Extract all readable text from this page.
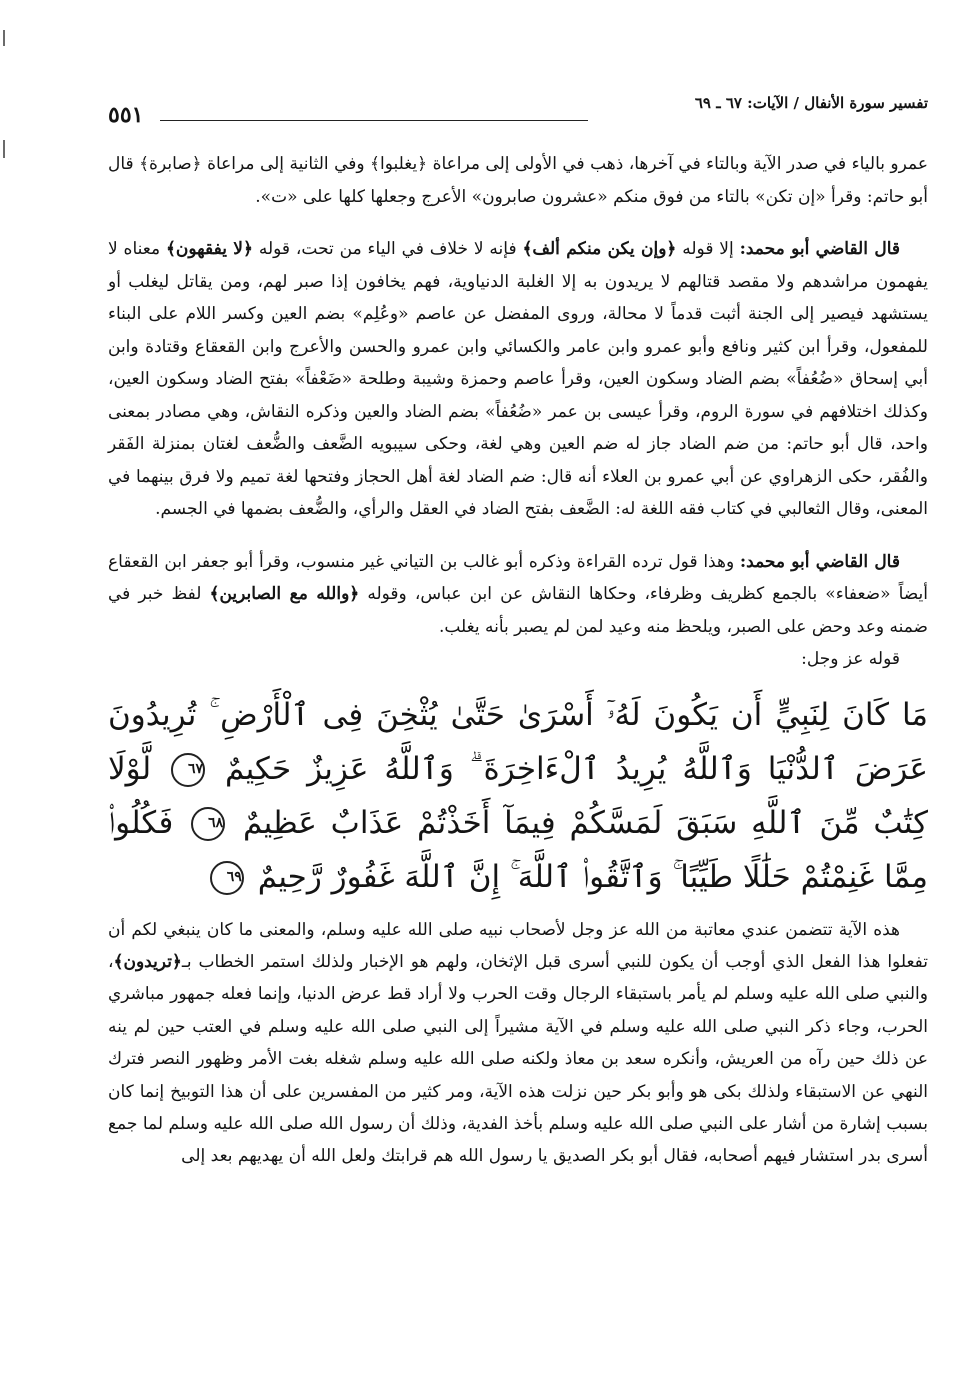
تفسير سورة الأنفال / الآيات: ٦٧ ـ ٦٩
٥٥١

عمرو بالياء في صدر الآية وبالتاء في آخرها، ذهب في الأولى إلى مراعاة ﴿يغلبوا﴾ وفي الثانية إلى مراعاة ﴿صابرة﴾ قال أبو حاتم: وقرأ «إن تكن» بالتاء من فوق منكم «عشرون صابرون» الأعرج وجعلها كلها على «ت».

قال القاضي أبو محمد: إلا قوله ﴿وإن يكن منكم ألف﴾ فإنه لا خلاف في الياء من تحت، قوله ﴿لا يفقهون﴾ معناه لا يفهمون مراشدهم ولا مقصد قتالهم لا يريدون به إلا الغلبة الدنياوية، فهم يخافون إذا صبر لهم، ومن يقاتل ليغلب أو يستشهد فيصير إلى الجنة أثبت قدماً لا محالة، وروى المفضل عن عاصم «وعُلِم» بضم العين وكسر اللام على البناء للمفعول، وقرأ ابن كثير ونافع وأبو عمرو وابن عامر والكسائي وابن عمرو والحسن والأعرج وابن القعقاع وقتادة وابن أبي إسحاق «ضُعُفاً» بضم الضاد وسكون العين، وقرأ عاصم وحمزة وشيبة وطلحة «ضَعْفاً» بفتح الضاد وسكون العين، وكذلك اختلافهم في سورة الروم، وقرأ عيسى بن عمر «ضُعُفاً» بضم الضاد والعين وذكره النقاش، وهي مصادر بمعنى واحد، قال أبو حاتم: من ضم الضاد جاز له ضم العين وهي لغة، وحكى سيبويه الضَّعف والضُّعف لغتان بمنزلة الفَقر والفُقر، حكى الزهراوي عن أبي عمرو بن العلاء أنه قال: ضم الضاد لغة أهل الحجاز وفتحها لغة تميم ولا فرق بينهما في المعنى، وقال الثعالبي في كتاب فقه اللغة له: الضَّعف بفتح الضاد في العقل والرأي، والضُّعف بضمها في الجسم.

قال القاضي أبو محمد: وهذا قول ترده القراءة وذكره أبو غالب بن التياني غير منسوب، وقرأ أبو جعفر ابن القعقاع أيضاً «ضعفاء» بالجمع كظريف وظرفاء، وحكاها النقاش عن ابن عباس، وقوله ﴿والله مع الصابرين﴾ لفظ خبر في ضمنه وعد وحض على الصبر، ويلحظ منه وعيد لمن لم يصبر بأنه يغلب.

قوله عز وجل:

مَا كَانَ لِنَبِيٍّ أَن يَكُونَ لَهُۥٓ أَسْرَىٰ حَتَّىٰ يُثْخِنَ فِى ٱلْأَرْضِ ۚ تُرِيدُونَ عَرَضَ ٱلدُّنْيَا وَٱللَّهُ يُرِيدُ ٱلْءَاخِرَةَ ۗ وَٱللَّهُ عَزِيزٌ حَكِيمٌ ٦٧ لَّوْلَا كِتَٰبٌ مِّنَ ٱللَّهِ سَبَقَ لَمَسَّكُمْ فِيمَآ أَخَذْتُمْ عَذَابٌ عَظِيمٌ ٦٨ فَكُلُوا۟ مِمَّا غَنِمْتُمْ حَلَٰلًا طَيِّبًا ۚ وَٱتَّقُوا۟ ٱللَّهَ ۚ إِنَّ ٱللَّهَ غَفُورٌ رَّحِيمٌ ٦٩

هذه الآية تتضمن عندي معاتبة من الله عز وجل لأصحاب نبيه صلى الله عليه وسلم، والمعنى ما كان ينبغي لكم أن تفعلوا هذا الفعل الذي أوجب أن يكون للنبي أسرى قبل الإثخان، ولهم هو الإخبار ولذلك استمر الخطاب بـ﴿تريدون﴾، والنبي صلى الله عليه وسلم لم يأمر باستبقاء الرجال وقت الحرب ولا أراد قط عرض الدنيا، وإنما فعله جمهور مباشري الحرب، وجاء ذكر النبي صلى الله عليه وسلم في الآية مشيراً إلى النبي صلى الله عليه وسلم في العتب حين لم ينه عن ذلك حين رآه من العريش، وأنكره سعد بن معاذ ولكنه صلى الله عليه وسلم شغله بغت الأمر وظهور النصر فترك النهي عن الاستبقاء ولذلك بكى هو وأبو بكر حين نزلت هذه الآية، ومر كثير من المفسرين على أن هذا التوبيخ إنما كان بسبب إشارة من أشار على النبي صلى الله عليه وسلم بأخذ الفدية، وذلك أن رسول الله صلى الله عليه وسلم لما جمع أسرى بدر استشار فيهم أصحابه، فقال أبو بكر الصديق يا رسول الله هم قرابتك ولعل الله أن يهديهم بعد إلى
